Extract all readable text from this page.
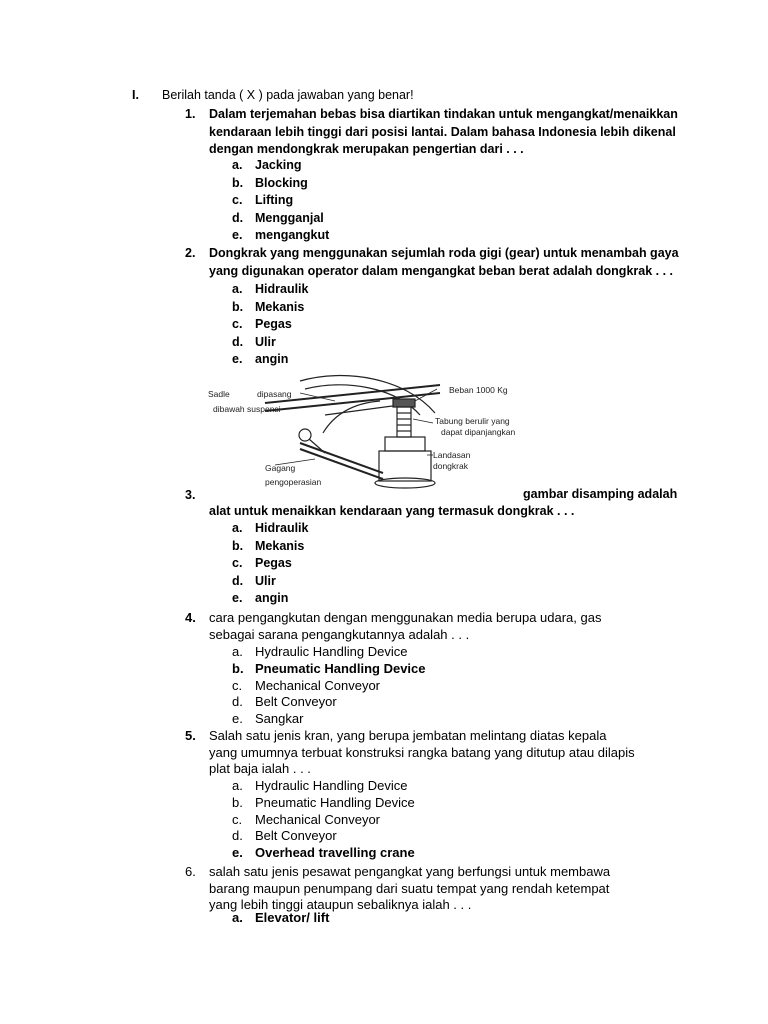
I. Berilah tanda ( X ) pada jawaban yang benar!
1. Dalam terjemahan bebas bisa diartikan tindakan untuk mengangkat/menaikkan
kendaraan lebih tinggi dari posisi lantai. Dalam bahasa Indonesia lebih dikenal
dengan mendongkrak merupakan pengertian dari . . .
a. Jacking
b. Blocking
c. Lifting
d. Mengganjal
e. mengangkut
2. Dongkrak yang menggunakan sejumlah roda gigi (gear) untuk menambah gaya
yang digunakan operator dalam mengangkat beban berat adalah dongkrak . . .
a. Hidraulik
b. Mekanis
c. Pegas
d. Ulir
e. angin
Sadle	dipasang
dibawah suspensi
Beban 1000 Kg
Tabung berulir yang
dapat dipanjangkan
Landasan
dongkrak
Gagang
pengoperasian
3.	gambar disamping adalah
alat untuk menaikkan kendaraan yang termasuk dongkrak . . .
a. Hidraulik
b. Mekanis
c. Pegas
d. Ulir
e. angin
4. cara pengangkutan dengan menggunakan media berupa udara, gas
sebagai sarana pengangkutannya adalah . . .
a. Hydraulic Handling Device
b. Pneumatic Handling Device
c. Mechanical Conveyor
d. Belt Conveyor
e. Sangkar
5. Salah satu jenis kran, yang berupa jembatan melintang diatas kepala
yang umumnya terbuat konstruksi rangka batang yang ditutup atau dilapis
plat baja ialah . . .
a. Hydraulic Handling Device
b. Pneumatic Handling Device
c. Mechanical Conveyor
d. Belt Conveyor
e. Overhead travelling crane
6. salah satu jenis pesawat pengangkat yang berfungsi untuk membawa
barang maupun penumpang dari suatu tempat yang rendah ketempat
yang lebih tinggi ataupun sebaliknya ialah . . .
a. Elevator/ lift
